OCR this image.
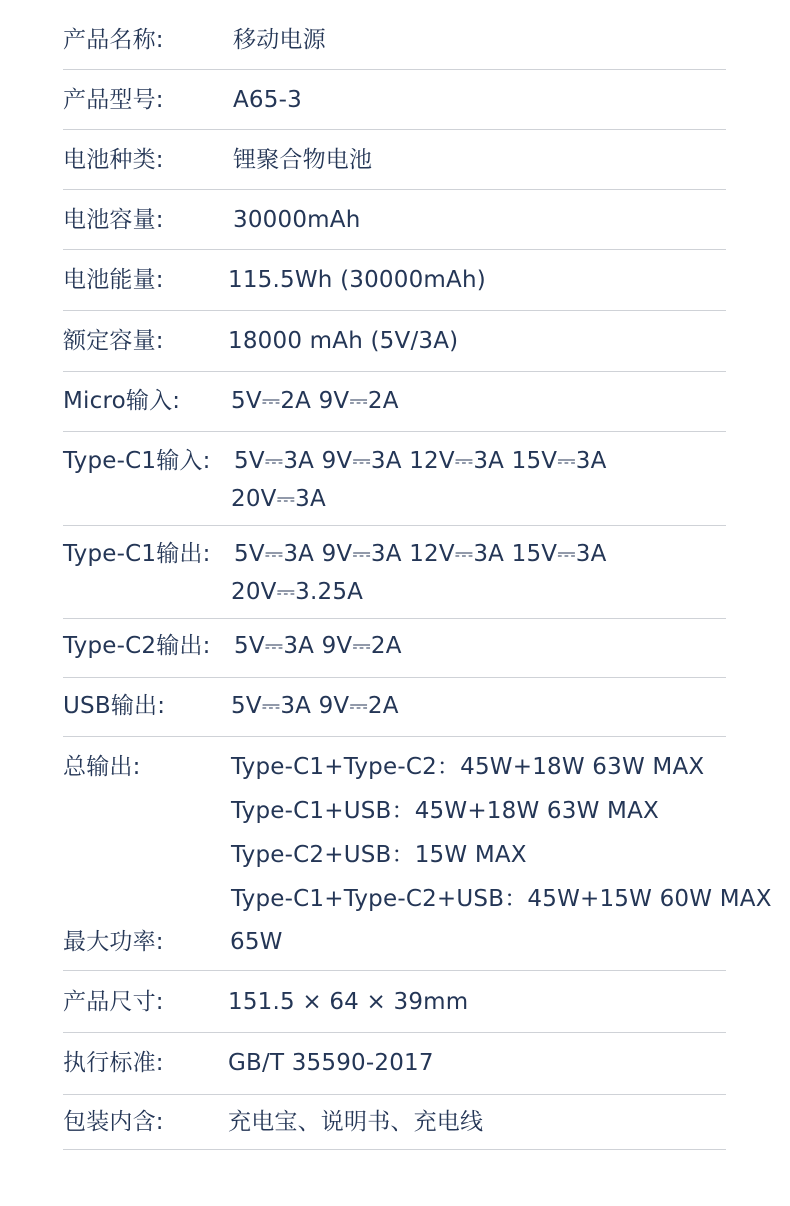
产品名称:	移动电源
产品型号:	A65-3
电池种类:	锂聚合物电池
电池容量:	30000mAh
电池能量:	115.5Wh (30000mAh)
额定容量:	18000 mAh (5V/3A)
Micro输入: 5V⎓2A 9V⎓2A
Type-C1输入: 5V⎓3A 9V⎓3A 12V⎓3A 15V⎓3A
20V⎓3A
Type-C1输出: 5V⎓3A 9V⎓3A 12V⎓3A 15V⎓3A
20V⎓3.25A
Type-C2输出: 5V⎓3A 9V⎓2A
USB输出:	5V⎓3A 9V⎓2A
总输出:	Type-C1+Type-C2：45W+18W 63W MAX
Type-C1+USB：45W+18W 63W MAX
Type-C2+USB：15W MAX
Type-C1+Type-C2+USB：45W+15W 60W MAX
最大功率:	65W
产品尺寸:	151.5 × 64 × 39mm
执行标准:	GB/T 35590-2017
包装内含:	充电宝、说明书、充电线
